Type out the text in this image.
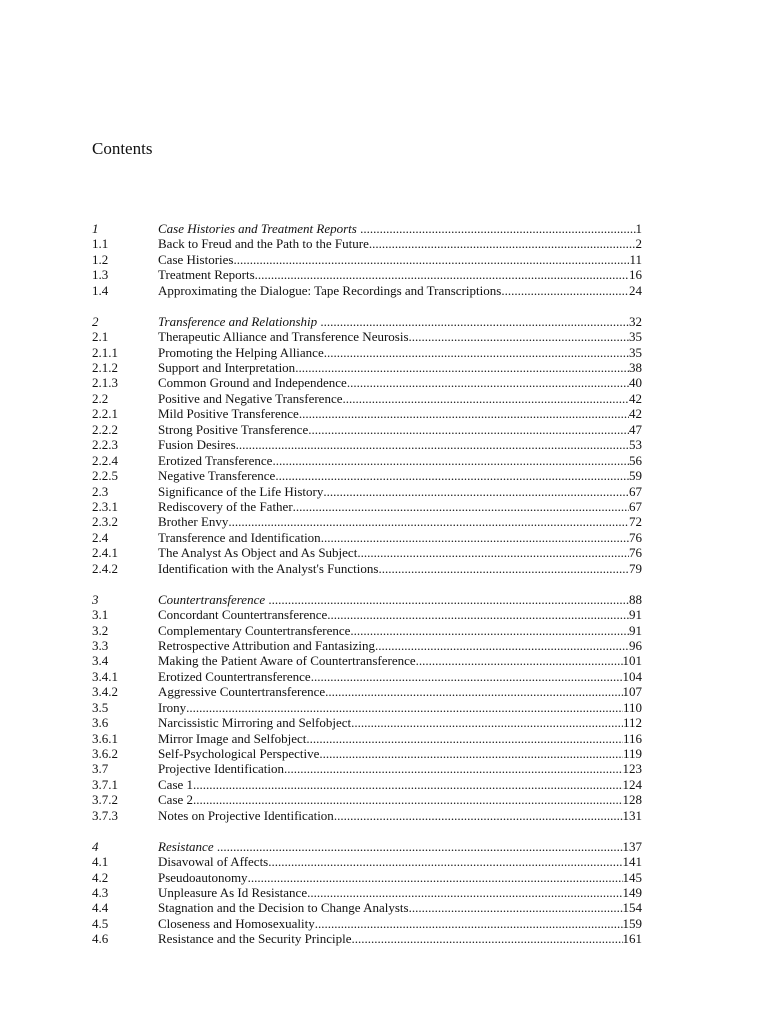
Contents
1	Case Histories and Treatment Reports .....	1
1.1	Back to Freud and the Path to the Future .....	2
1.2	Case Histories .....	11
1.3	Treatment Reports .....	16
1.4	Approximating the Dialogue: Tape Recordings and Transcriptions .....	24
2	Transference and Relationship .....	32
2.1	Therapeutic Alliance and Transference Neurosis .....	35
2.1.1	Promoting the Helping Alliance .....	35
2.1.2	Support and Interpretation .....	38
2.1.3	Common Ground and Independence .....	40
2.2	Positive and Negative Transference .....	42
2.2.1	Mild Positive Transference .....	42
2.2.2	Strong Positive Transference .....	47
2.2.3	Fusion Desires .....	53
2.2.4	Erotized Transference .....	56
2.2.5	Negative Transference .....	59
2.3	Significance of the Life History .....	67
2.3.1	Rediscovery of the Father .....	67
2.3.2	Brother Envy .....	72
2.4	Transference and Identification .....	76
2.4.1	The Analyst As Object and As Subject .....	76
2.4.2	Identification with the Analyst's Functions .....	79
3	Countertransference .....	88
3.1	Concordant Countertransference .....	91
3.2	Complementary Countertransference .....	91
3.3	Retrospective Attribution and Fantasizing .....	96
3.4	Making the Patient Aware of Countertransference .....	101
3.4.1	Erotized Countertransference .....	104
3.4.2	Aggressive Countertransference .....	107
3.5	Irony .....	110
3.6	Narcissistic Mirroring and Selfobject .....	112
3.6.1	Mirror Image and Selfobject .....	116
3.6.2	Self-Psychological Perspective .....	119
3.7	Projective Identification .....	123
3.7.1	Case 1 .....	124
3.7.2	Case 2 .....	128
3.7.3	Notes on Projective Identification .....	131
4	Resistance .....	137
4.1	Disavowal of Affects .....	141
4.2	Pseudoautonomy .....	145
4.3	Unpleasure As Id Resistance .....	149
4.4	Stagnation and the Decision to Change Analysts .....	154
4.5	Closeness and Homosexuality .....	159
4.6	Resistance and the Security Principle .....	161
